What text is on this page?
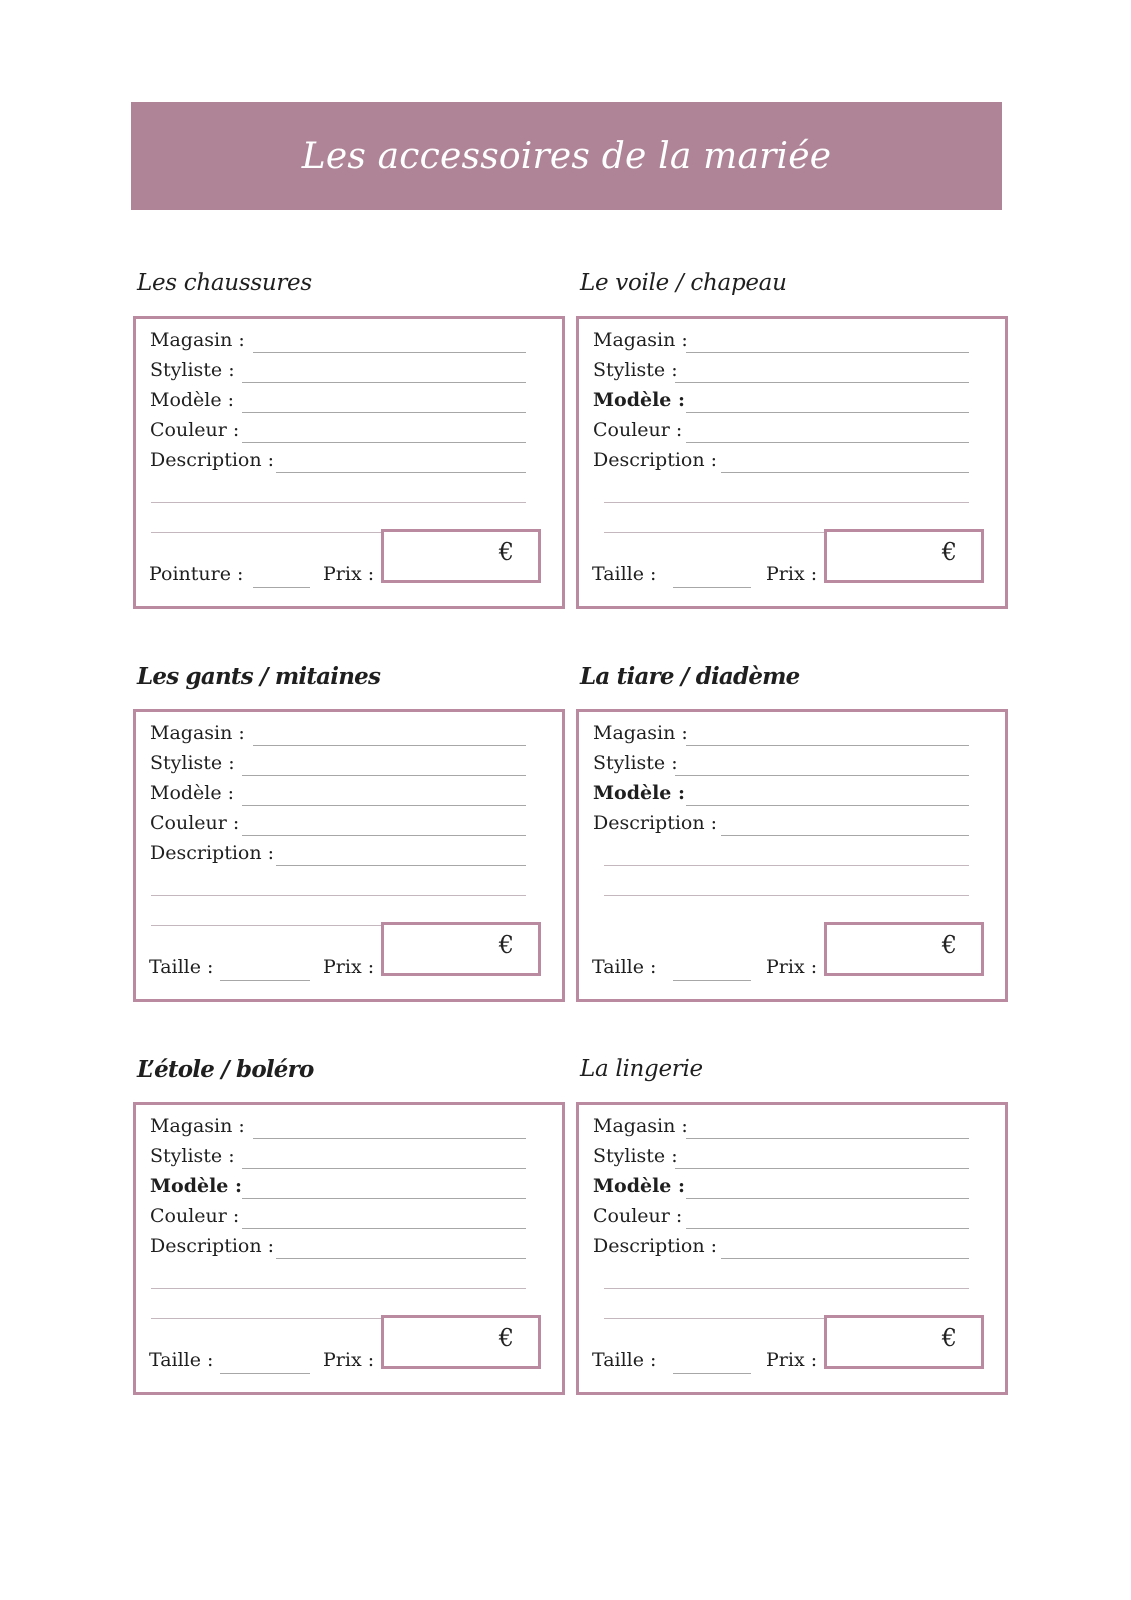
Les accessoires de la mariée
Les chaussures
Magasin :
Styliste :
Modèle :
Couleur :
Description :
Pointure :	Prix :
€
Le voile / chapeau
Magasin :
Styliste :
Modèle :
Couleur :
Description :
Taille :	Prix :
€
Les gants / mitaines
Magasin :
Styliste :
Modèle :
Couleur :
Description :
Taille :	Prix :
€
La tiare / diadème
Magasin :
Styliste :
Modèle :
Description :
Taille :	Prix :
€
L’étole / boléro
Magasin :
Styliste :
Modèle :
Couleur :
Description :
Taille :	Prix :
€
La lingerie
Magasin :
Styliste :
Modèle :
Couleur :
Description :
Taille :	Prix :
€
